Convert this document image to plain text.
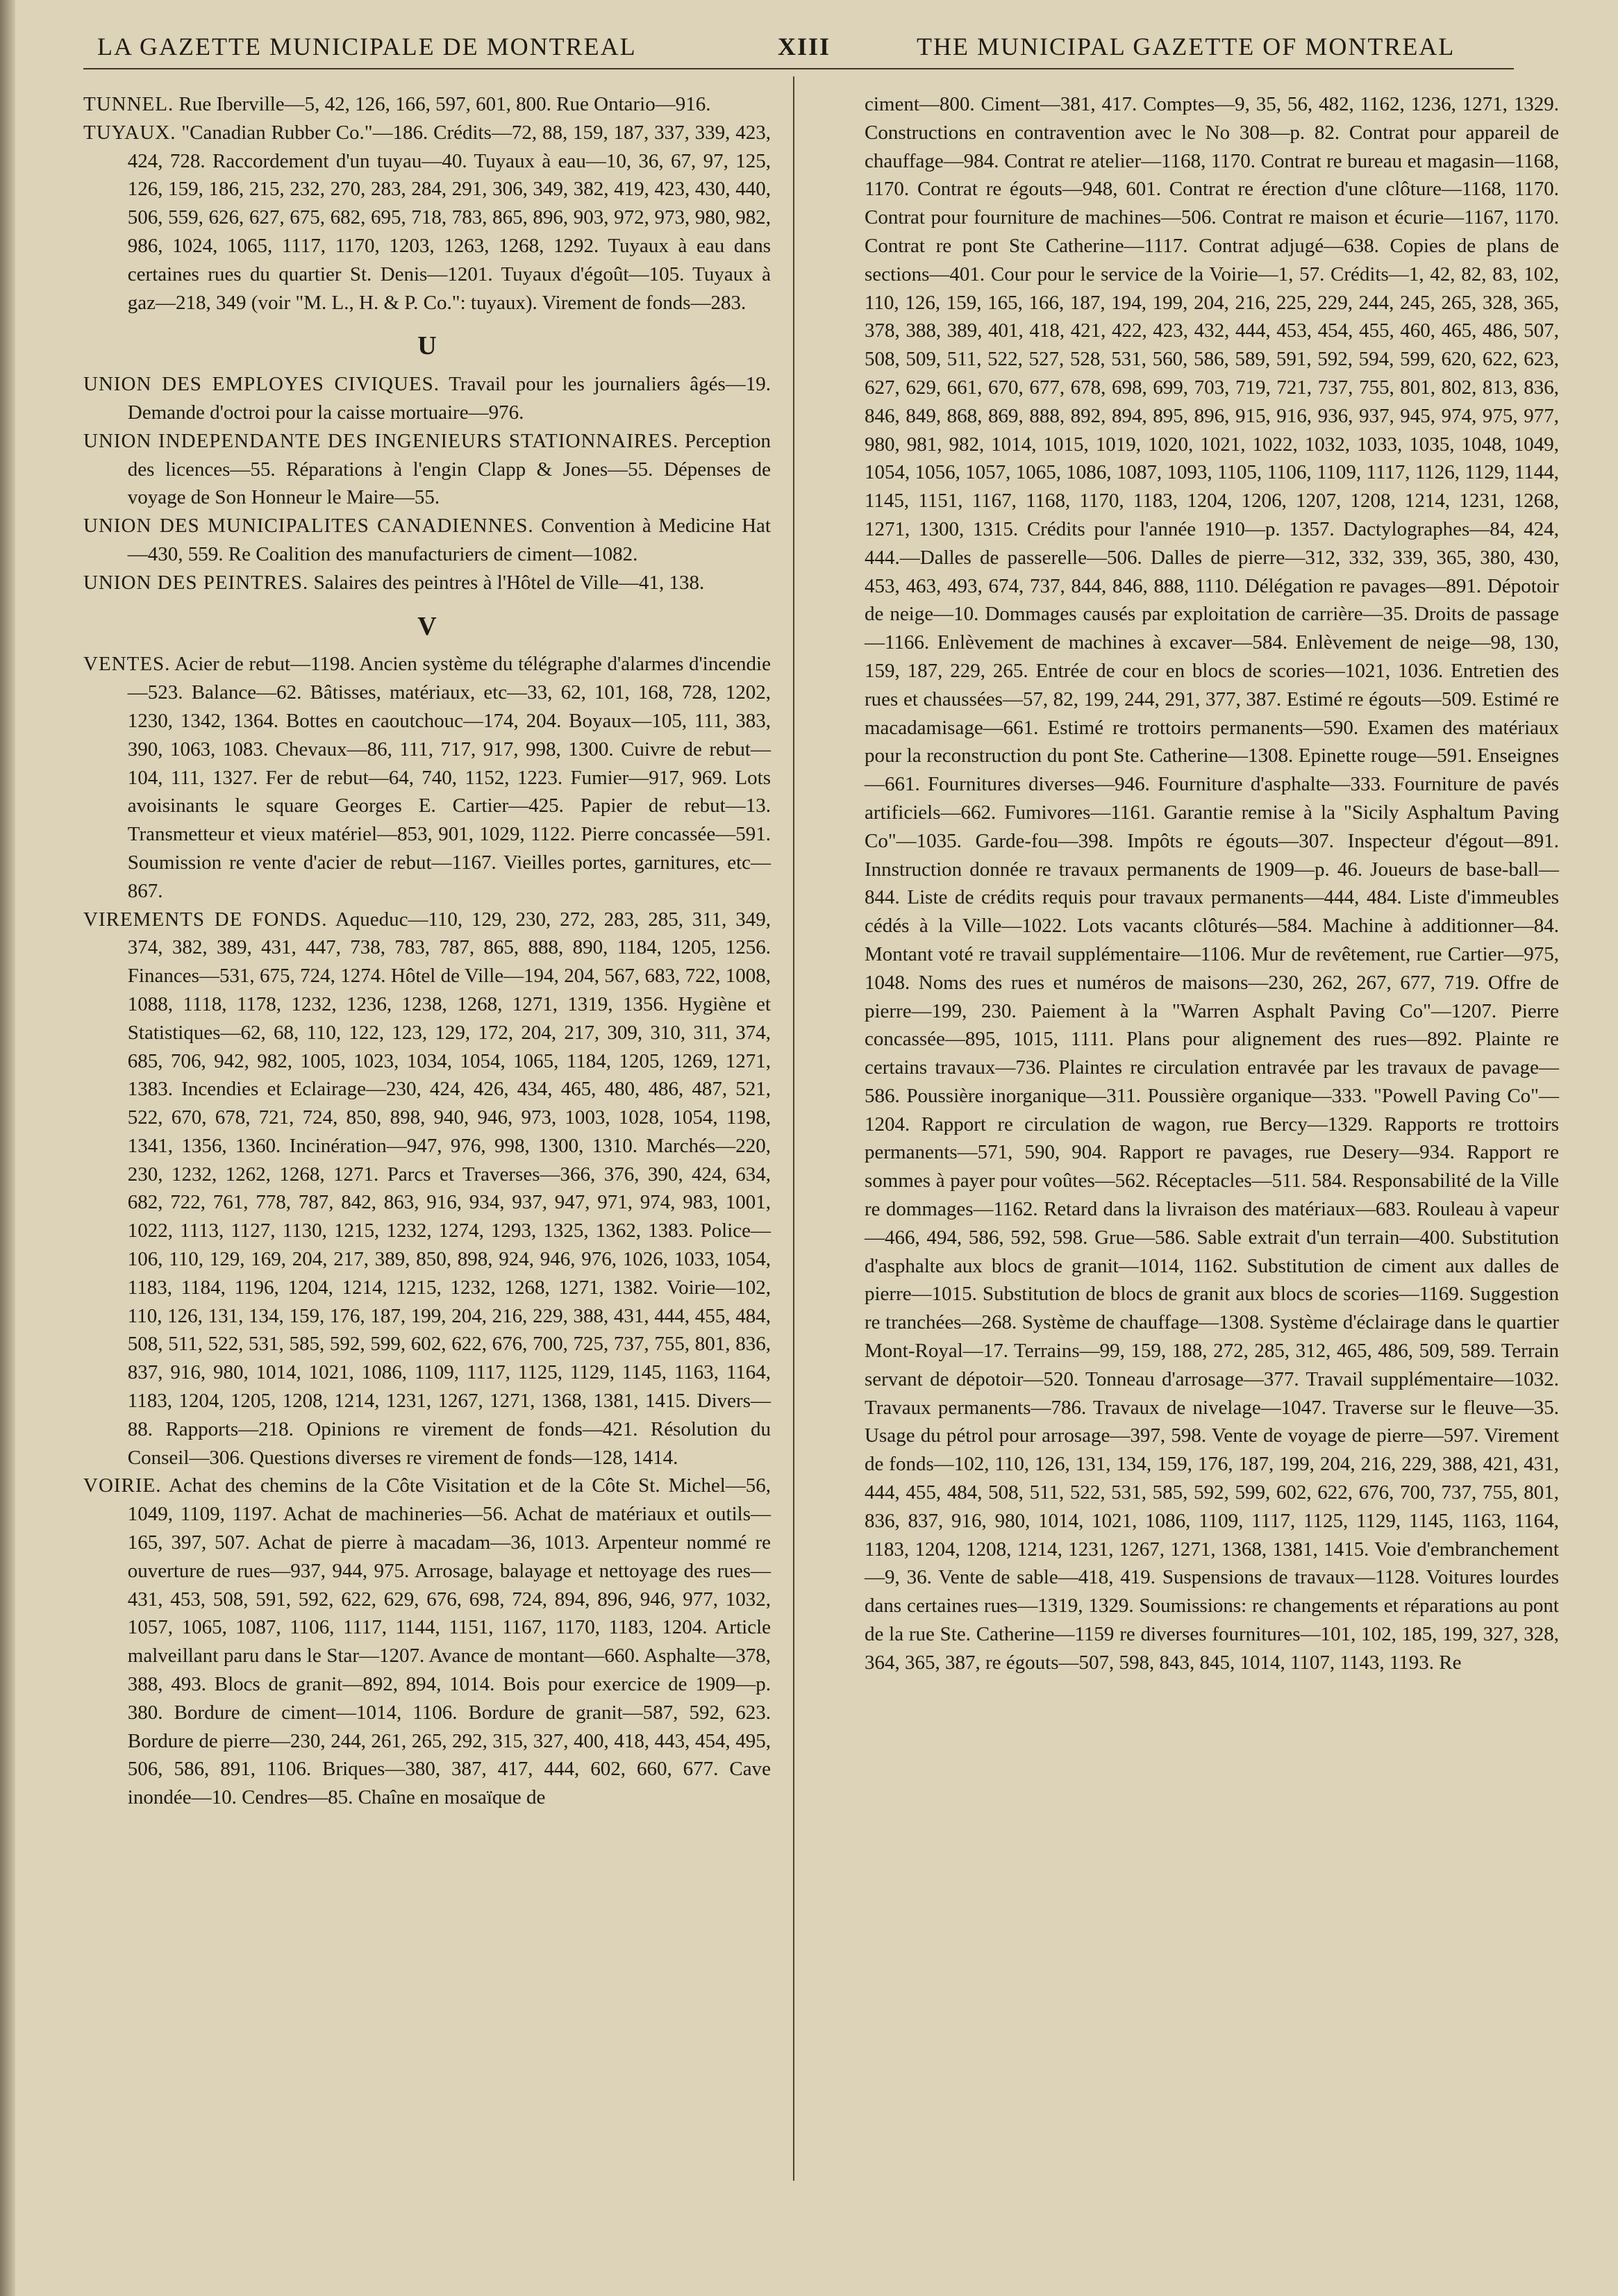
LA GAZETTE MUNICIPALE DE MONTREAL	XIII	THE MUNICIPAL GAZETTE OF MONTREAL

TUNNEL. Rue Iberville—5, 42, 126, 166, 597, 601, 800. Rue Ontario—916.

TUYAUX. "Canadian Rubber Co."—186. Crédits—72, 88, 159, 187, 337, 339, 423, 424, 728. Raccordement d'un tuyau—40. Tuyaux à eau—10, 36, 67, 97, 125, 126, 159, 186, 215, 232, 270, 283, 284, 291, 306, 349, 382, 419, 423, 430, 440, 506, 559, 626, 627, 675, 682, 695, 718, 783, 865, 896, 903, 972, 973, 980, 982, 986, 1024, 1065, 1117, 1170, 1203, 1263, 1268, 1292. Tuyaux à eau dans certaines rues du quartier St. Denis—1201. Tuyaux d'égoût—105. Tuyaux à gaz—218, 349 (voir "M. L., H. & P. Co.": tuyaux). Virement de fonds—283.

U

UNION DES EMPLOYES CIVIQUES. Travail pour les journaliers âgés—19. Demande d'octroi pour la caisse mortuaire—976.

UNION INDEPENDANTE DES INGENIEURS STATIONNAIRES. Perception des licences—55. Réparations à l'engin Clapp & Jones—55. Dépenses de voyage de Son Honneur le Maire—55.

UNION DES MUNICIPALITES CANADIENNES. Convention à Medicine Hat—430, 559. Re Coalition des manufacturiers de ciment—1082.

UNION DES PEINTRES. Salaires des peintres à l'Hôtel de Ville—41, 138.

V

VENTES. Acier de rebut—1198. Ancien système du télégraphe d'alarmes d'incendie—523. Balance—62. Bâtisses, matériaux, etc—33, 62, 101, 168, 728, 1202, 1230, 1342, 1364. Bottes en caoutchouc—174, 204. Boyaux—105, 111, 383, 390, 1063, 1083. Chevaux—86, 111, 717, 917, 998, 1300. Cuivre de rebut—104, 111, 1327. Fer de rebut—64, 740, 1152, 1223. Fumier—917, 969. Lots avoisinants le square Georges E. Cartier—425. Papier de rebut—13. Transmetteur et vieux matériel—853, 901, 1029, 1122. Pierre concassée—591. Soumission re vente d'acier de rebut—1167. Vieilles portes, garnitures, etc—867.

VIREMENTS DE FONDS. Aqueduc—110, 129, 230, 272, 283, 285, 311, 349, 374, 382, 389, 431, 447, 738, 783, 787, 865, 888, 890, 1184, 1205, 1256. Finances—531, 675, 724, 1274. Hôtel de Ville—194, 204, 567, 683, 722, 1008, 1088, 1118, 1178, 1232, 1236, 1238, 1268, 1271, 1319, 1356. Hygiène et Statistiques—62, 68, 110, 122, 123, 129, 172, 204, 217, 309, 310, 311, 374, 685, 706, 942, 982, 1005, 1023, 1034, 1054, 1065, 1184, 1205, 1269, 1271, 1383. Incendies et Eclairage—230, 424, 426, 434, 465, 480, 486, 487, 521, 522, 670, 678, 721, 724, 850, 898, 940, 946, 973, 1003, 1028, 1054, 1198, 1341, 1356, 1360. Incinération—947, 976, 998, 1300, 1310. Marchés—220, 230, 1232, 1262, 1268, 1271. Parcs et Traverses—366, 376, 390, 424, 634, 682, 722, 761, 778, 787, 842, 863, 916, 934, 937, 947, 971, 974, 983, 1001, 1022, 1113, 1127, 1130, 1215, 1232, 1274, 1293, 1325, 1362, 1383. Police—106, 110, 129, 169, 204, 217, 389, 850, 898, 924, 946, 976, 1026, 1033, 1054, 1183, 1184, 1196, 1204, 1214, 1215, 1232, 1268, 1271, 1382. Voirie—102, 110, 126, 131, 134, 159, 176, 187, 199, 204, 216, 229, 388, 431, 444, 455, 484, 508, 511, 522, 531, 585, 592, 599, 602, 622, 676, 700, 725, 737, 755, 801, 836, 837, 916, 980, 1014, 1021, 1086, 1109, 1117, 1125, 1129, 1145, 1163, 1164, 1183, 1204, 1205, 1208, 1214, 1231, 1267, 1271, 1368, 1381, 1415. Divers—88. Rapports—218. Opinions re virement de fonds—421. Résolution du Conseil—306. Questions diverses re virement de fonds—128, 1414.

VOIRIE. Achat des chemins de la Côte Visitation et de la Côte St. Michel—56, 1049, 1109, 1197. Achat de machineries—56. Achat de matériaux et outils—165, 397, 507. Achat de pierre à macadam—36, 1013. Arpenteur nommé re ouverture de rues—937, 944, 975. Arrosage, balayage et nettoyage des rues—431, 453, 508, 591, 592, 622, 629, 676, 698, 724, 894, 896, 946, 977, 1032, 1057, 1065, 1087, 1106, 1117, 1144, 1151, 1167, 1170, 1183, 1204. Article malveillant paru dans le Star—1207. Avance de montant—660. Asphalte—378, 388, 493. Blocs de granit—892, 894, 1014. Bois pour exercice de 1909—p. 380. Bordure de ciment—1014, 1106. Bordure de granit—587, 592, 623. Bordure de pierre—230, 244, 261, 265, 292, 315, 327, 400, 418, 443, 454, 495, 506, 586, 891, 1106. Briques—380, 387, 417, 444, 602, 660, 677. Cave inondée—10. Cendres—85. Chaîne en mosaïque de

ciment—800. Ciment—381, 417. Comptes—9, 35, 56, 482, 1162, 1236, 1271, 1329. Constructions en contravention avec le No 308—p. 82. Contrat pour appareil de chauffage—984. Contrat re atelier—1168, 1170. Contrat re bureau et magasin—1168, 1170. Contrat re égouts—948, 601. Contrat re érection d'une clôture—1168, 1170. Contrat pour fourniture de machines—506. Contrat re maison et écurie—1167, 1170. Contrat re pont Ste Catherine—1117. Contrat adjugé—638. Copies de plans de sections—401. Cour pour le service de la Voirie—1, 57. Crédits—1, 42, 82, 83, 102, 110, 126, 159, 165, 166, 187, 194, 199, 204, 216, 225, 229, 244, 245, 265, 328, 365, 378, 388, 389, 401, 418, 421, 422, 423, 432, 444, 453, 454, 455, 460, 465, 486, 507, 508, 509, 511, 522, 527, 528, 531, 560, 586, 589, 591, 592, 594, 599, 620, 622, 623, 627, 629, 661, 670, 677, 678, 698, 699, 703, 719, 721, 737, 755, 801, 802, 813, 836, 846, 849, 868, 869, 888, 892, 894, 895, 896, 915, 916, 936, 937, 945, 974, 975, 977, 980, 981, 982, 1014, 1015, 1019, 1020, 1021, 1022, 1032, 1033, 1035, 1048, 1049, 1054, 1056, 1057, 1065, 1086, 1087, 1093, 1105, 1106, 1109, 1117, 1126, 1129, 1144, 1145, 1151, 1167, 1168, 1170, 1183, 1204, 1206, 1207, 1208, 1214, 1231, 1268, 1271, 1300, 1315. Crédits pour l'année 1910—p. 1357. Dactylographes—84, 424, 444.—Dalles de passerelle—506. Dalles de pierre—312, 332, 339, 365, 380, 430, 453, 463, 493, 674, 737, 844, 846, 888, 1110. Délégation re pavages—891. Dépotoir de neige—10. Dommages causés par exploitation de carrière—35. Droits de passage—1166. Enlèvement de machines à excaver—584. Enlèvement de neige—98, 130, 159, 187, 229, 265. Entrée de cour en blocs de scories—1021, 1036. Entretien des rues et chaussées—57, 82, 199, 244, 291, 377, 387. Estimé re égouts—509. Estimé re macadamisage—661. Estimé re trottoirs permanents—590. Examen des matériaux pour la reconstruction du pont Ste. Catherine—1308. Epinette rouge—591. Enseignes—661. Fournitures diverses—946. Fourniture d'asphalte—333. Fourniture de pavés artificiels—662. Fumivores—1161. Garantie remise à la "Sicily Asphaltum Paving Co"—1035. Garde-fou—398. Impôts re égouts—307. Inspecteur d'égout—891. Innstruction donnée re travaux permanents de 1909—p. 46. Joueurs de base-ball—844. Liste de crédits requis pour travaux permanents—444, 484. Liste d'immeubles cédés à la Ville—1022. Lots vacants clôturés—584. Machine à additionner—84. Montant voté re travail supplémentaire—1106. Mur de revêtement, rue Cartier—975, 1048. Noms des rues et numéros de maisons—230, 262, 267, 677, 719. Offre de pierre—199, 230. Paiement à la "Warren Asphalt Paving Co"—1207. Pierre concassée—895, 1015, 1111. Plans pour alignement des rues—892. Plainte re certains travaux—736. Plaintes re circulation entravée par les travaux de pavage—586. Poussière inorganique—311. Poussière organique—333. "Powell Paving Co"—1204. Rapport re circulation de wagon, rue Bercy—1329. Rapports re trottoirs permanents—571, 590, 904. Rapport re pavages, rue Desery—934. Rapport re sommes à payer pour voûtes—562. Réceptacles—511. 584. Responsabilité de la Ville re dommages—1162. Retard dans la livraison des matériaux—683. Rouleau à vapeur—466, 494, 586, 592, 598. Grue—586. Sable extrait d'un terrain—400. Substitution d'asphalte aux blocs de granit—1014, 1162. Substitution de ciment aux dalles de pierre—1015. Substitution de blocs de granit aux blocs de scories—1169. Suggestion re tranchées—268. Système de chauffage—1308. Système d'éclairage dans le quartier Mont-Royal—17. Terrains—99, 159, 188, 272, 285, 312, 465, 486, 509, 589. Terrain servant de dépotoir—520. Tonneau d'arrosage—377. Travail supplémentaire—1032. Travaux permanents—786. Travaux de nivelage—1047. Traverse sur le fleuve—35. Usage du pétrol pour arrosage—397, 598. Vente de voyage de pierre—597. Virement de fonds—102, 110, 126, 131, 134, 159, 176, 187, 199, 204, 216, 229, 388, 421, 431, 444, 455, 484, 508, 511, 522, 531, 585, 592, 599, 602, 622, 676, 700, 737, 755, 801, 836, 837, 916, 980, 1014, 1021, 1086, 1109, 1117, 1125, 1129, 1145, 1163, 1164, 1183, 1204, 1208, 1214, 1231, 1267, 1271, 1368, 1381, 1415. Voie d'embranchement—9, 36. Vente de sable—418, 419. Suspensions de travaux—1128. Voitures lourdes dans certaines rues—1319, 1329. Soumissions: re changements et réparations au pont de la rue Ste. Catherine—1159 re diverses fournitures—101, 102, 185, 199, 327, 328, 364, 365, 387, re égouts—507, 598, 843, 845, 1014, 1107, 1143, 1193. Re
